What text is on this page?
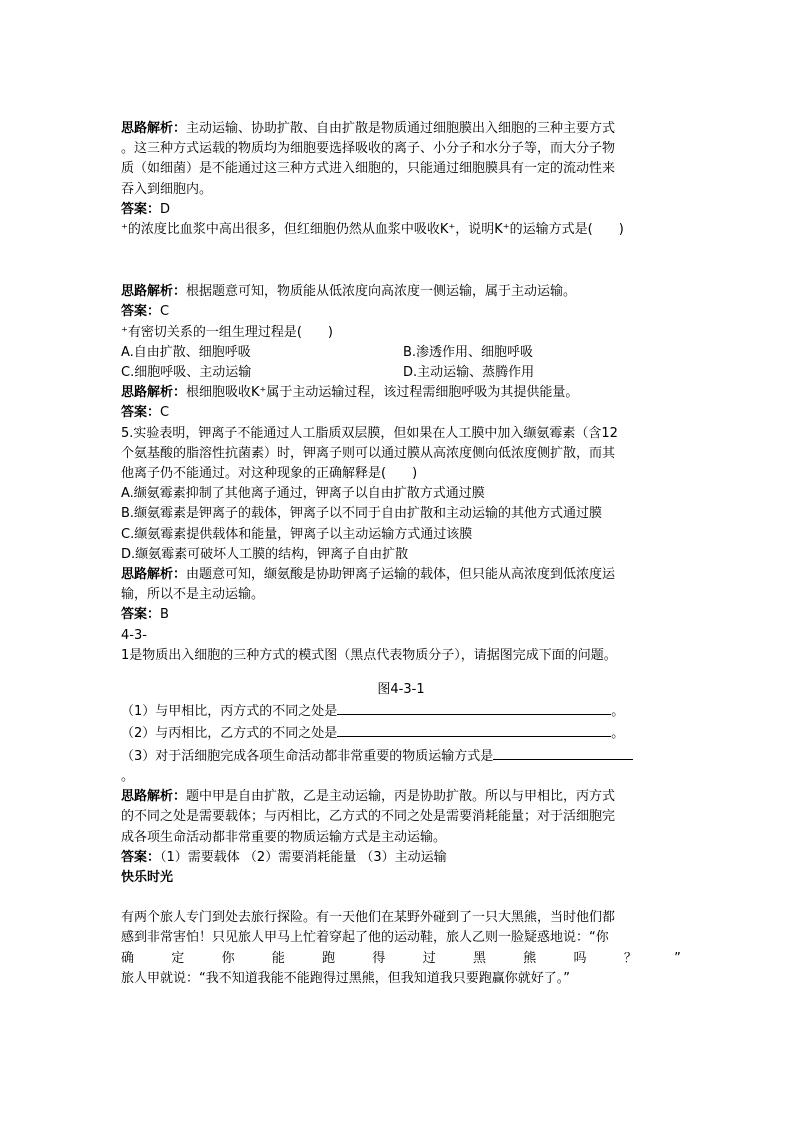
思路解析：主动运输、协助扩散、自由扩散是物质通过细胞膜出入细胞的三种主要方式

。这三种方式运载的物质均为细胞要选择吸收的离子、小分子和水分子等，而大分子物

质（如细菌）是不能通过这三种方式进入细胞的，只能通过细胞膜具有一定的流动性来

吞入到细胞内。

答案：D

⁺的浓度比血浆中高出很多，但红细胞仍然从血浆中吸收K⁺，说明K⁺的运输方式是(　　)

思路解析：根据题意可知，物质能从低浓度向高浓度一侧运输，属于主动运输。

答案：C

⁺有密切关系的一组生理过程是(　　)

A.自由扩散、细胞呼吸	B.渗透作用、细胞呼吸
C.细胞呼吸、主动运输	D.主动运输、蒸腾作用

思路解析：根细胞吸收K⁺属于主动运输过程，该过程需细胞呼吸为其提供能量。

答案：C

5.实验表明，钾离子不能通过人工脂质双层膜，但如果在人工膜中加入缬氨霉素（含12

个氨基酸的脂溶性抗菌素）时，钾离子则可以通过膜从高浓度侧向低浓度侧扩散，而其

他离子仍不能通过。对这种现象的正确解释是(　　)

A.缬氨霉素抑制了其他离子通过，钾离子以自由扩散方式通过膜

B.缬氨霉素是钾离子的载体，钾离子以不同于自由扩散和主动运输的其他方式通过膜

C.缬氨霉素提供载体和能量，钾离子以主动运输方式通过该膜

D.缬氨霉素可破坏人工膜的结构，钾离子自由扩散

思路解析：由题意可知，缬氨酸是协助钾离子运输的载体，但只能从高浓度到低浓度运

输，所以不是主动运输。

答案：B

4-3-

1是物质出入细胞的三种方式的模式图（黑点代表物质分子），请据图完成下面的问题。

图4-3-1

（1）与甲相比，丙方式的不同之处是	。

（2）与丙相比，乙方式的不同之处是	。

（3）对于活细胞完成各项生命活动都非常重要的物质运输方式是

。

思路解析：题中甲是自由扩散，乙是主动运输，丙是协助扩散。所以与甲相比，丙方式

的不同之处是需要载体；与丙相比，乙方式的不同之处是需要消耗能量；对于活细胞完

成各项生命活动都非常重要的物质运输方式是主动运输。

答案：（1）需要载体 （2）需要消耗能量 （3）主动运输

快乐时光

有两个旅人专门到处去旅行探险。有一天他们在某野外碰到了一只大黑熊，当时他们都

感到非常害怕！只见旅人甲马上忙着穿起了他的运动鞋，旅人乙则一脸疑惑地说：“你

确	定	你	能	跑	得	过	黑	熊	吗	？	”

旅人甲就说：“我不知道我能不能跑得过黑熊，但我知道我只要跑赢你就好了。”
